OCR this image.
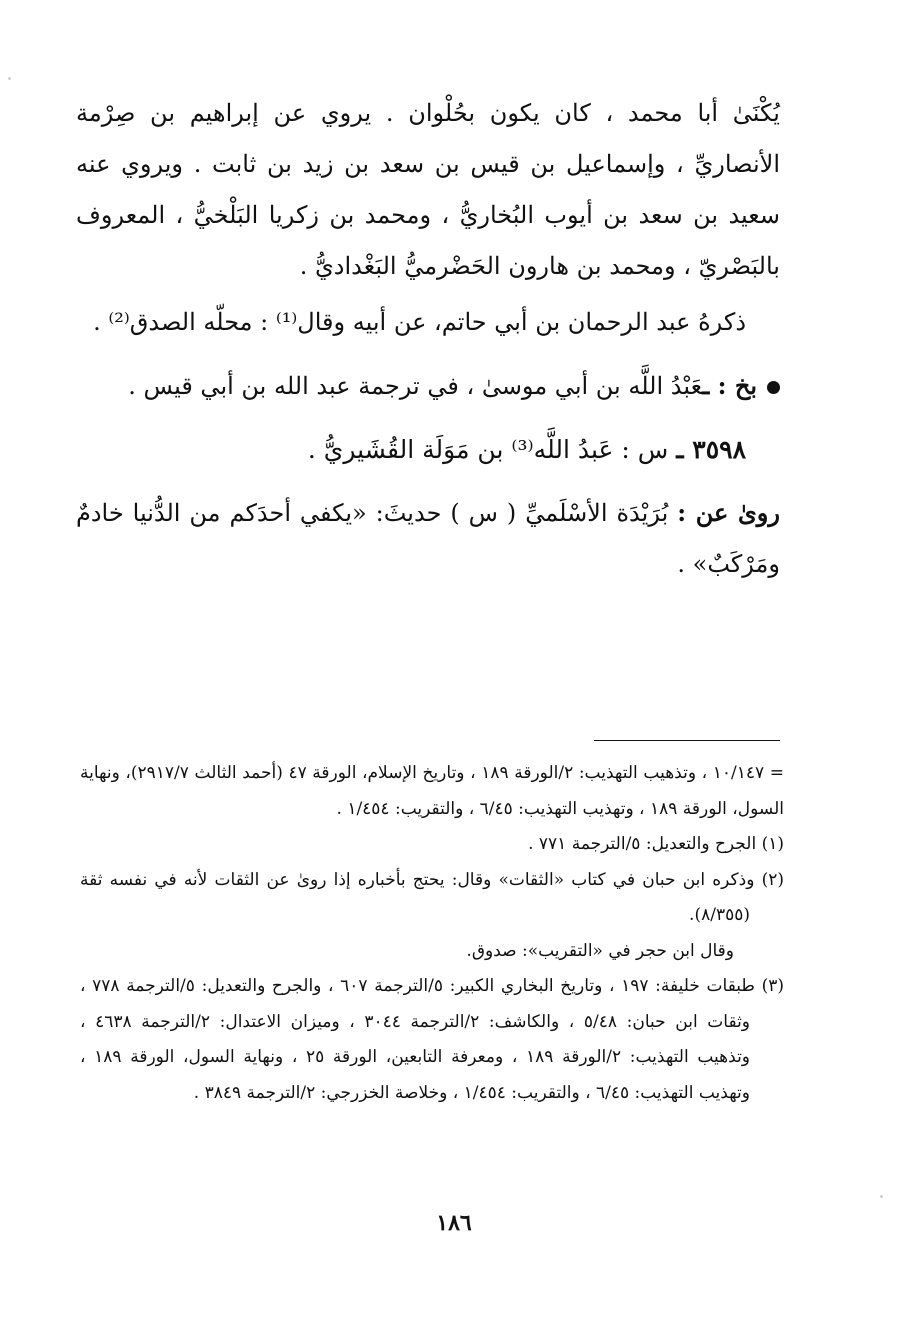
يُكْنَىٰ أبا محمد ، كان يكون بحُلْوان . يروي عن إبراهيم بن صِرْمة الأنصاريِّ ، وإسماعيل بن قيس بن سعد بن زيد بن ثابت . ويروي عنه سعيد بن سعد بن أيوب البُخاريُّ ، ومحمد بن زكريا البَلْخيُّ ، المعروف بالبَصْريّ ، ومحمد بن هارون الحَضْرميُّ البَغْداديُّ .

ذكرهُ عبد الرحمان بن أبي حاتم، عن أبيه وقال⁽¹⁾ : محلّه الصدق⁽²⁾ .

بخ : ـعَبْدُ اللَّه بن أبي موسىٰ ، في ترجمة عبد الله بن أبي قيس .

٣٥٩٨ ـ س : عَبدُ اللَّه⁽³⁾ بن مَوَلَة القُشَيريُّ .

روىٰ عن : بُرَيْدَة الأسْلَميِّ ( س ) حديثَ: «يكفي أحدَكم من الدُّنيا خادمٌ ومَرْكَبٌ» .

= ١٠/١٤٧ ، وتذهيب التهذيب: ٢/الورقة ١٨٩ ، وتاريخ الإسلام، الورقة ٤٧ (أحمد الثالث ٢٩١٧/٧)، ونهاية السول، الورقة ١٨٩ ، وتهذيب التهذيب: ٦/٤٥ ، والتقريب: ١/٤٥٤ .

(١) الجرح والتعديل: ٥/الترجمة ٧٧١ .

(٢) وذكره ابن حبان في كتاب «الثقات» وقال: يحتج بأخباره إذا روىٰ عن الثقات لأنه في نفسه ثقة (٨/٣٥٥).

وقال ابن حجر في «التقريب»: صدوق.

(٣) طبقات خليفة: ١٩٧ ، وتاريخ البخاري الكبير: ٥/الترجمة ٦٠٧ ، والجرح والتعديل: ٥/الترجمة ٧٧٨ ، وثقات ابن حبان: ٥/٤٨ ، والكاشف: ٢/الترجمة ٣٠٤٤ ، وميزان الاعتدال: ٢/الترجمة ٤٦٣٨ ، وتذهيب التهذيب: ٢/الورقة ١٨٩ ، ومعرفة التابعين، الورقة ٢٥ ، ونهاية السول، الورقة ١٨٩ ، وتهذيب التهذيب: ٦/٤٥ ، والتقريب: ١/٤٥٤ ، وخلاصة الخزرجي: ٢/الترجمة ٣٨٤٩ .

١٨٦
